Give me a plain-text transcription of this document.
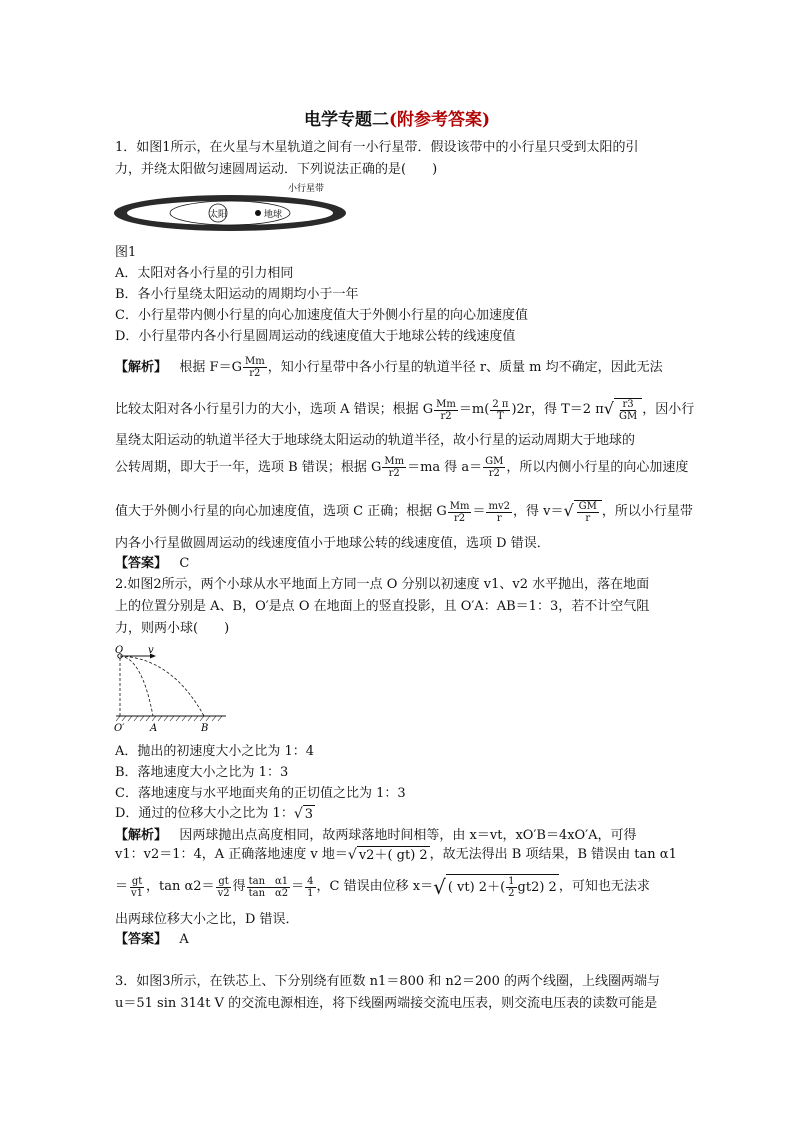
电学专题二(附参考答案)
1．如图1所示，在火星与木星轨道之间有一小行星带．假设该带中的小行星只受到太阳的引
力，并绕太阳做匀速圆周运动．下列说法正确的是(　　)
太阳	地球
小行星带
图1
A．太阳对各小行星的引力相同
B．各小行星绕太阳运动的周期均小于一年
C．小行星带内侧小行星的向心加速度值大于外侧小行星的向心加速度值
D．小行星带内各小行星圆周运动的线速度值大于地球公转的线速度值
【解析】
根据 $F=G \frac{Mm}{r2}$ ，知小行星带中各小行星的轨道半径 r、质量 m 均不确定，因此无法
比较太阳对各小行星引力的大小，选项 A 错误；根据 G $\frac{Mm}{r2} =m( \frac{2 \pi}{T} )2r$，得 T＝2 π √ $\frac{r3}{GM}$ ，因小行
星绕太阳运动的轨道半径大于地球绕太阳运动的轨道半径，故小行星的运动周期大于地球的
公转周期，即大于一年，选项 B 错误；根据 G $\frac{Mm}{r2} =ma$ 得 $a= \frac{GM}{r2}$ ，所以内侧小行星的向心加速度
值大于外侧小行星的向心加速度值，选项 C 正确；根据 G $\frac{Mm}{r2} = \frac{mv2}{r}$ ，得 v＝ √ $\frac{GM}{r}$ ，所以小行星带
内各小行星做圆周运动的线速度值小于地球公转的线速度值，选项 D 错误．
【答案】 C
2.如图2所示，两个小球从水平地面上方同一点 O 分别以初速度 v1、v2 水平抛出，落在地面
上的位置分别是 A、B，O′是点 O 在地面上的竖直投影，且 O′A：AB＝1：3，若不计空气阻
力，则两小球(　　)
O v
O′	A	B
A．抛出的初速度大小之比为 1：4
B．落地速度大小之比为 1：3
C．落地速度与水平地面夹角的正切值之比为 1：3
D．通过的位移大小之比为 1： √ 3
【解析】 因两球抛出点高度相同，故两球落地时间相等，由 x＝vt，xO′B＝4xO′A，可得
v1：v2＝1：4，A 正确落地速度 v 地＝ √ v2＋( gt) 2 ，故无法得出 B 项结果，B 错误由 tan α1
＝ $\frac{gt}{v1}$ ，$\tan \alpha 2= \frac{gt}{v2}$ 得 $\frac{\text{tan　α1}}{\text{tan　α2}} = \frac{4}{1}$ ，C 错误由位移 x＝ √ ( vt) $2+( \frac{1}{2} gt2)$ 2 ，可知也无法求
出两球位移大小之比，D 错误．
【答案】 A
3．如图3所示，在铁芯上、下分别绕有匝数 n1＝800 和 n2＝200 的两个线圈，上线圈两端与
u＝51 sin 314t V 的交流电源相连，将下线圈两端接交流电压表，则交流电压表的读数可能是
